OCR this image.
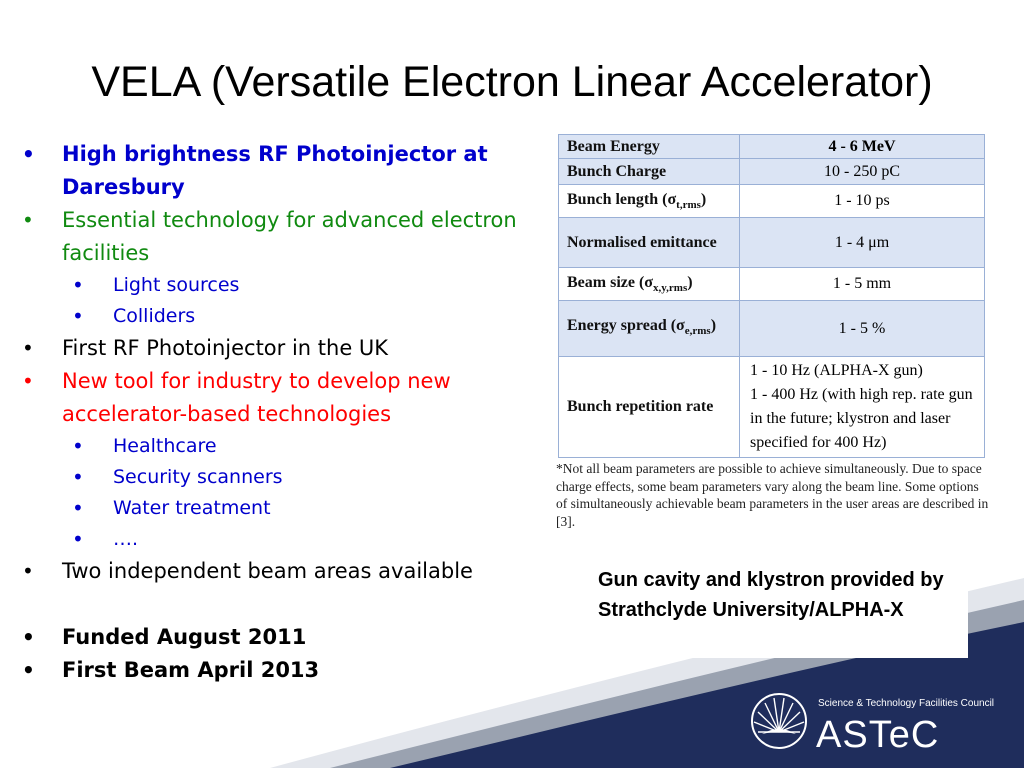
VELA (Versatile Electron Linear Accelerator)
• High brightness RF Photoinjector at Daresbury
• Essential technology for advanced electron facilities
• Light sources
• Colliders
• First RF Photoinjector in the UK
• New tool for industry to develop new accelerator-based technologies
• Healthcare
• Security scanners
• Water treatment
• ….
• Two independent beam areas available
• Funded August 2011
• First Beam April 2013
Beam Energy	4 - 6 MeV
Bunch Charge	10 - 250 pC
Bunch length $(\sigma_{t,rms})$	1 - 10 ps
Normalised emittance	1 - 4 μm
Beam size $(\sigma_{x,y,rms})$	1 - 5 mm
Energy spread $(\sigma_{e,rms})$	1 - 5 %
Bunch repetition rate	1 - 10 Hz (ALPHA-X gun)
1 - 400 Hz (with high rep. rate gun in the future; klystron and laser specified for 400 Hz)

*Not all beam parameters are possible to achieve simultaneously. Due to space charge effects, some beam parameters vary along the beam line. Some options of simultaneously achievable beam parameters in the user areas are described in [3].

Gun cavity and klystron provided by Strathclyde University/ALPHA-X
Science & Technology Facilities Council
ASTeC
